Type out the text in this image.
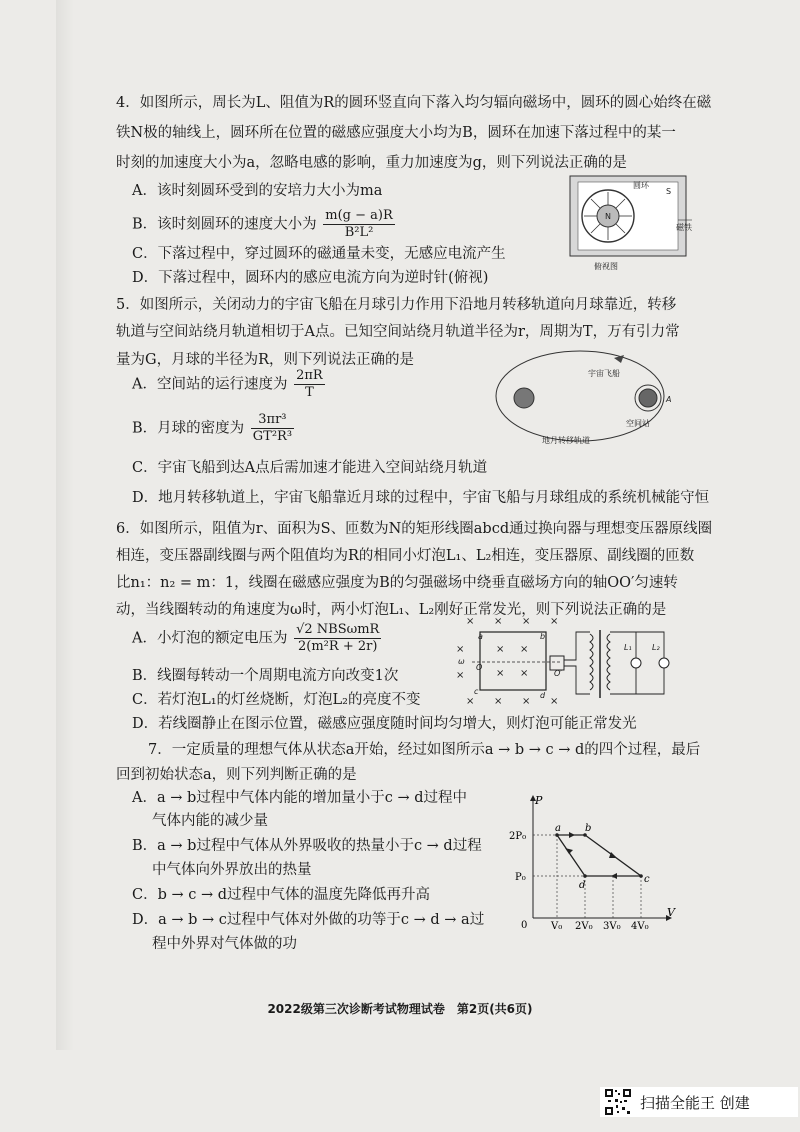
4．如图所示，周长为L、阻值为R的圆环竖直向下落入均匀辐向磁场中，圆环的圆心始终在磁
铁N极的轴线上，圆环所在位置的磁感应强度大小均为B，圆环在加速下落过程中的某一
时刻的加速度大小为a，忽略电感的影响，重力加速度为g，则下列说法正确的是
A．该时刻圆环受到的安培力大小为ma
B．该时刻圆环的速度大小为 $\frac{m(g - a)R}{\text{B²L²}}$
C．下落过程中，穿过圆环的磁通量未变，无感应电流产生
D．下落过程中，圆环内的感应电流方向为逆时针(俯视)
N
圆环
S
磁铁
俯视图
5．如图所示，关闭动力的宇宙飞船在月球引力作用下沿地月转移轨道向月球靠近，转移
轨道与空间站绕月轨道相切于A点。已知空间站绕月轨道半径为r，周期为T，万有引力常
量为G，月球的半径为R，则下列说法正确的是
A．空间站的运行速度为 $\frac{2\pi R}{T}$
B．月球的密度为 $\frac{\text{3πr³}}{\text{GT²R³}}$
C．宇宙飞船到达A点后需加速才能进入空间站绕月轨道
D．地月转移轨道上，宇宙飞船靠近月球的过程中，宇宙飞船与月球组成的系统机械能守恒
宇宙飞船
空间站
A
地月转移轨道
6．如图所示，阻值为r、面积为S、匝数为N的矩形线圈abcd通过换向器与理想变压器原线圈
相连，变压器副线圈与两个阻值均为R的相同小灯泡L₁、L₂相连，变压器原、副线圈的匝数
比n₁：n₂ = m：1，线圈在磁感应强度为B的匀强磁场中绕垂直磁场方向的轴OO′匀速转
动，当线圈转动的角速度为ω时，两小灯泡L₁、L₂刚好正常发光，则下列说法正确的是
A．小灯泡的额定电压为 $\frac{\text{√2 NBSωmR}}{\text{2(m²R + 2r)}}$
B．线圈每转动一个周期电流方向改变1次
C．若灯泡L₁的灯丝烧断，灯泡L₂的亮度不变
D．若线圈静止在图示位置，磁感应强度随时间均匀增大，则灯泡可能正常发光
× × × ×
× × × ×
×
×
× ×
× ×
a	b
c	d
O
O′
ω
L₁	L₂
7．一定质量的理想气体从状态a开始，经过如图所示a → b → c → d的四个过程，最后
回到初始状态a，则下列判断正确的是
A．a → b过程中气体内能的增加量小于c → d过程中
气体内能的减少量
B．a → b过程中气体从外界吸收的热量小于c → d过程
中气体向外界放出的热量
C．b → c → d过程中气体的温度先降低再升高
D．a → b → c过程中气体对外做的功等于c → d → a过
程中外界对气体做的功
P
V
0
2P₀
P₀
V₀ 2V₀ 3V₀ 4V₀
a b
c
d
2022级第三次诊断考试物理试卷　第2页(共6页)
扫描全能王 创建
